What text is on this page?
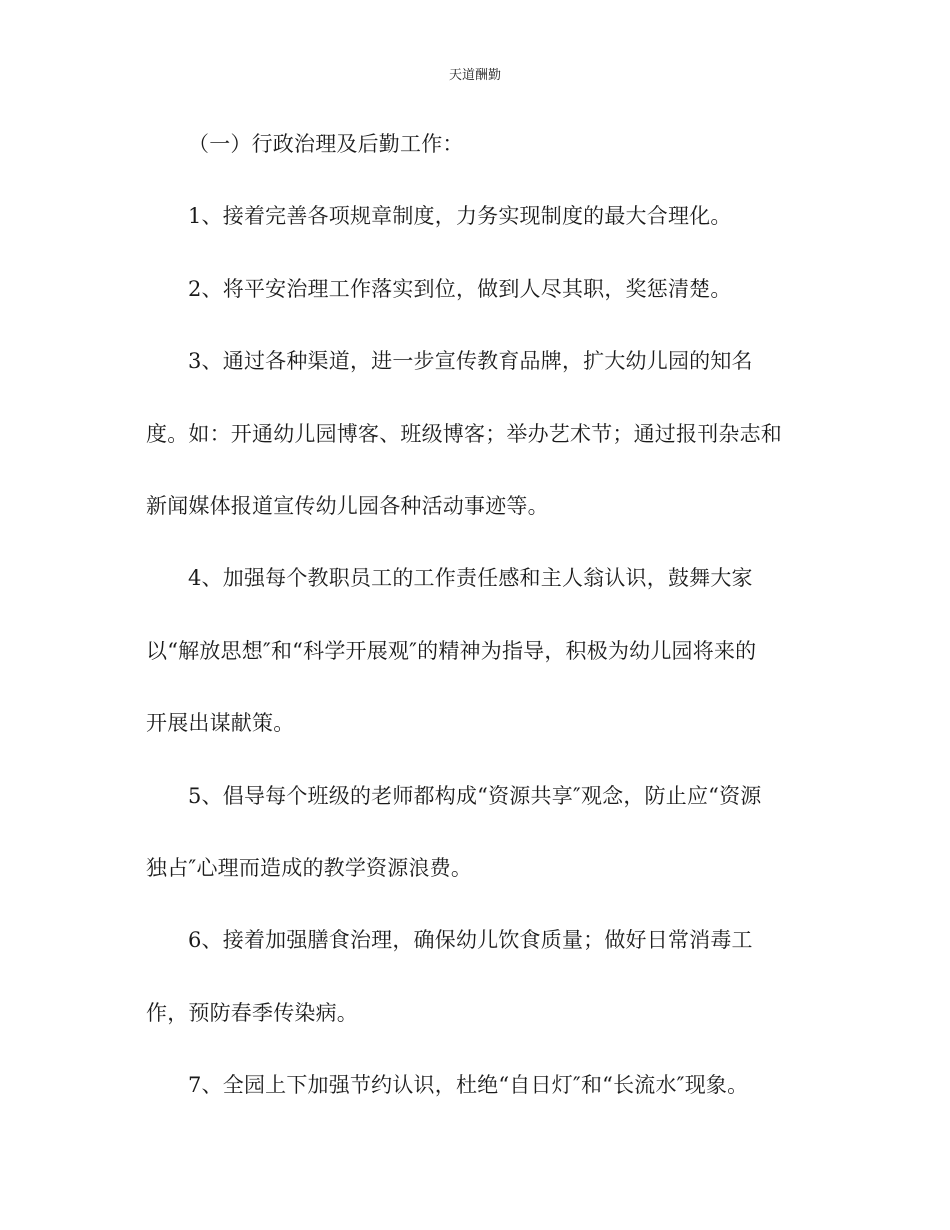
天道酬勤
（一）行政治理及后勤工作：
1、接着完善各项规章制度，力务实现制度的最大合理化。
2、将平安治理工作落实到位，做到人尽其职，奖惩清楚。
3、通过各种渠道，进一步宣传教育品牌，扩大幼儿园的知名
度。如：开通幼儿园博客、班级博客；举办艺术节；通过报刊杂志和
新闻媒体报道宣传幼儿园各种活动事迹等。
4、加强每个教职员工的工作责任感和主人翁认识，鼓舞大家
以“解放思想″和“科学开展观″的精神为指导，积极为幼儿园将来的
开展出谋献策。
5、倡导每个班级的老师都构成“资源共享″观念，防止应“资源
独占″心理而造成的教学资源浪费。
6、接着加强膳食治理，确保幼儿饮食质量；做好日常消毒工
作，预防春季传染病。
7、全园上下加强节约认识，杜绝“自日灯″和“长流水″现象。
